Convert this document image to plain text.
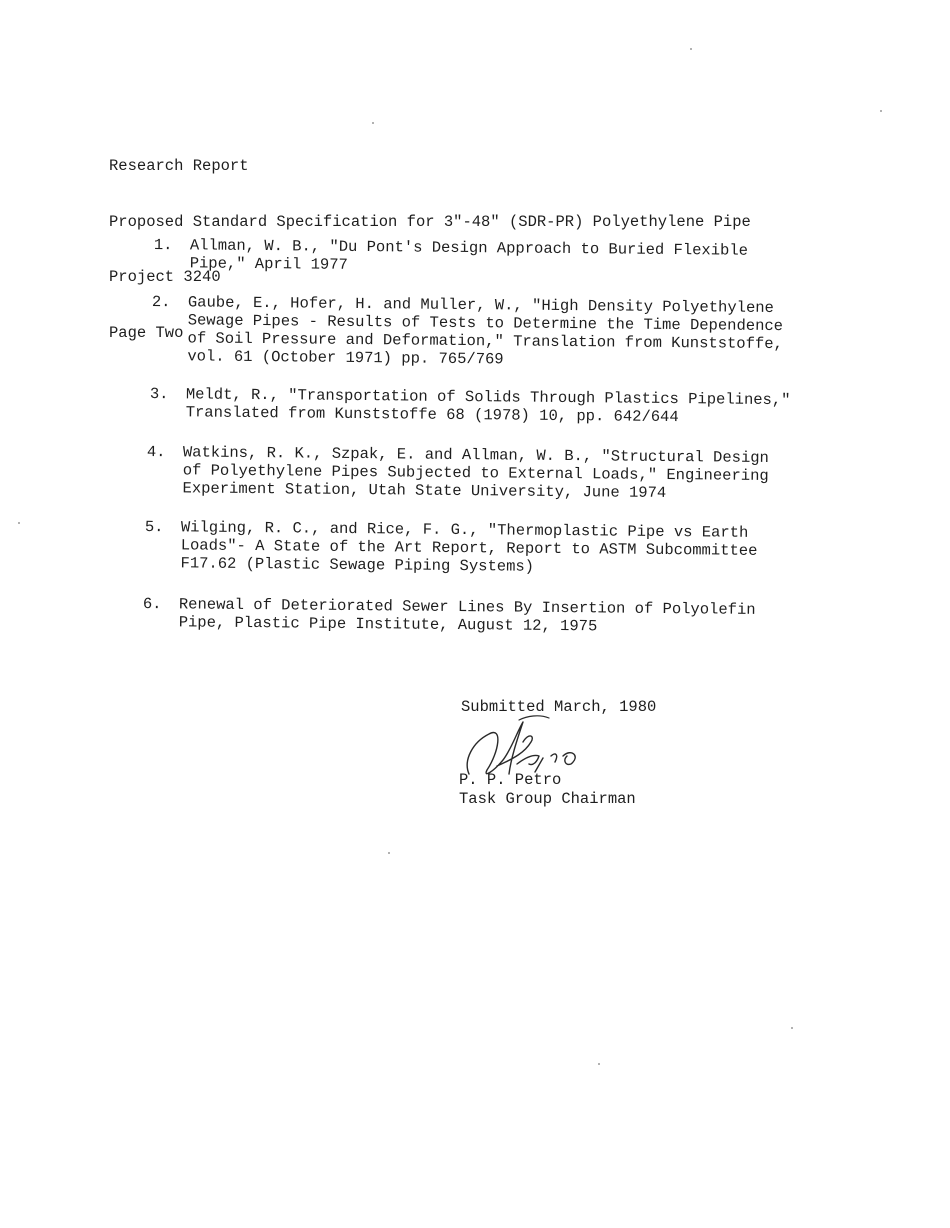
Research Report

Proposed Standard Specification for 3"-48" (SDR-PR) Polyethylene Pipe

Project 3240

Page Two

1.	Allman, W. B., "Du Pont's Design Approach to Buried Flexible
Pipe," April 1977
2.	Gaube, E., Hofer, H. and Muller, W., "High Density Polyethylene
Sewage Pipes - Results of Tests to Determine the Time Dependence
of Soil Pressure and Deformation," Translation from Kunststoffe,
vol. 61 (October 1971) pp. 765/769
3.	Meldt, R., "Transportation of Solids Through Plastics Pipelines,"
Translated from Kunststoffe 68 (1978) 10, pp. 642/644
4.	Watkins, R. K., Szpak, E. and Allman, W. B., "Structural Design
of Polyethylene Pipes Subjected to External Loads," Engineering
Experiment Station, Utah State University, June 1974
5.	Wilging, R. C., and Rice, F. G., "Thermoplastic Pipe vs Earth
Loads"- A State of the Art Report, Report to ASTM Subcommittee
F17.62 (Plastic Sewage Piping Systems)
6.	Renewal of Deteriorated Sewer Lines By Insertion of Polyolefin
Pipe, Plastic Pipe Institute, August 12, 1975
Submitted March, 1980
P. P. Petro
Task Group Chairman
